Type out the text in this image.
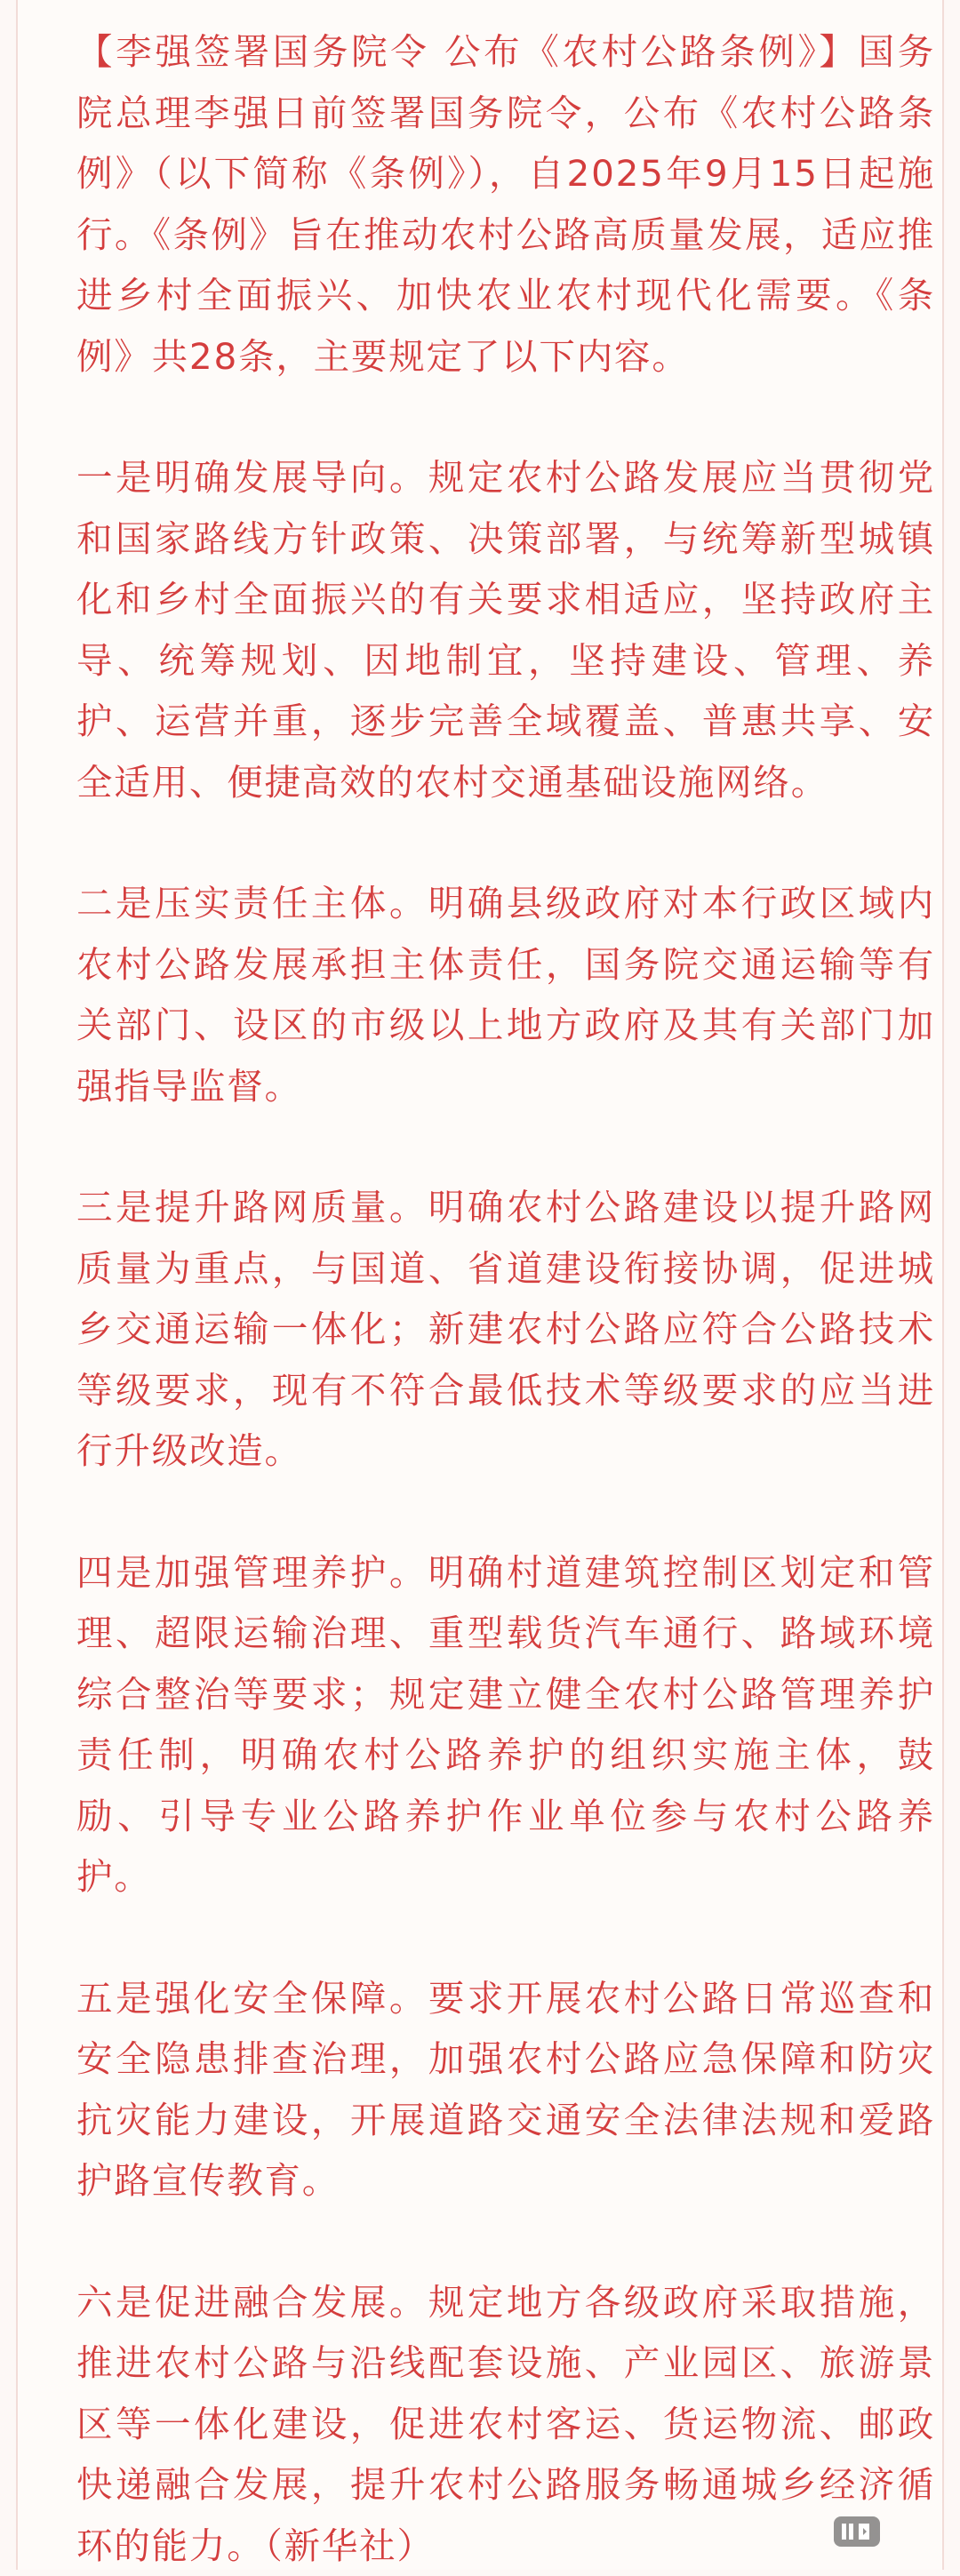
【李强签署国务院令 公布《农村公路条例》】国务院总理李强日前签署国务院令，公布《农村公路条例》（以下简称《条例》），自2025年9月15日起施行。《条例》旨在推动农村公路高质量发展，适应推进乡村全面振兴、加快农业农村现代化需要。《条例》共28条，主要规定了以下内容。

一是明确发展导向。规定农村公路发展应当贯彻党和国家路线方针政策、决策部署，与统筹新型城镇化和乡村全面振兴的有关要求相适应，坚持政府主导、统筹规划、因地制宜，坚持建设、管理、养护、运营并重，逐步完善全域覆盖、普惠共享、安全适用、便捷高效的农村交通基础设施网络。

二是压实责任主体。明确县级政府对本行政区域内农村公路发展承担主体责任，国务院交通运输等有关部门、设区的市级以上地方政府及其有关部门加强指导监督。

三是提升路网质量。明确农村公路建设以提升路网质量为重点，与国道、省道建设衔接协调，促进城乡交通运输一体化；新建农村公路应符合公路技术等级要求，现有不符合最低技术等级要求的应当进行升级改造。

四是加强管理养护。明确村道建筑控制区划定和管理、超限运输治理、重型载货汽车通行、路域环境综合整治等要求；规定建立健全农村公路管理养护责任制，明确农村公路养护的组织实施主体，鼓励、引导专业公路养护作业单位参与农村公路养护。

五是强化安全保障。要求开展农村公路日常巡查和安全隐患排查治理，加强农村公路应急保障和防灾抗灾能力建设，开展道路交通安全法律法规和爱路护路宣传教育。

六是促进融合发展。规定地方各级政府采取措施，推进农村公路与沿线配套设施、产业园区、旅游景区等一体化建设，促进农村客运、货运物流、邮政快递融合发展，提升农村公路服务畅通城乡经济循环的能力。（新华社）
